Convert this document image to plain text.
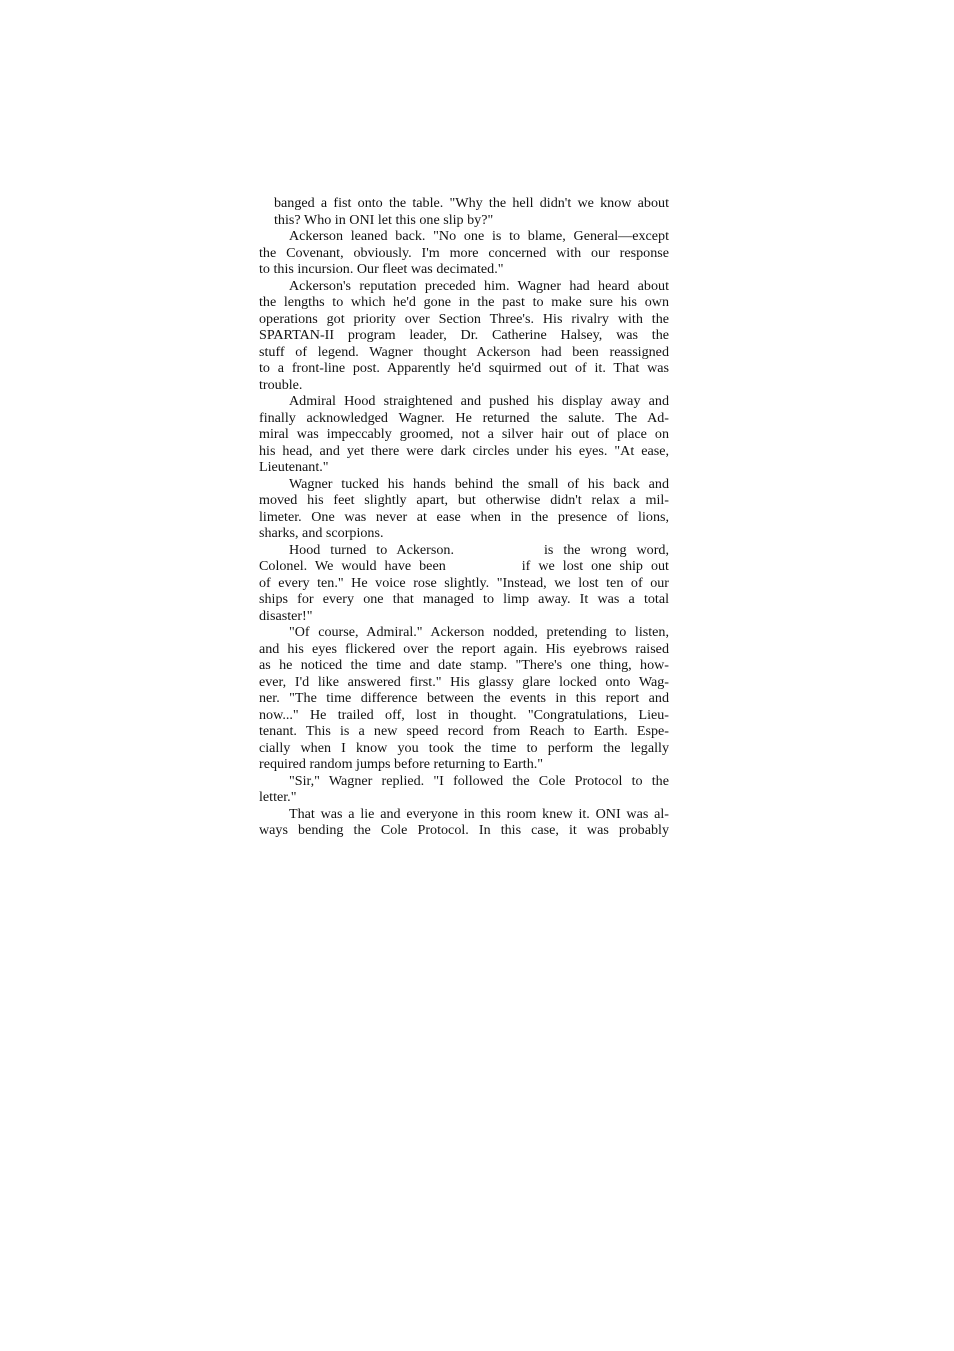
banged a fist onto the table. "Why the hell didn't we know about
this? Who in ONI let this one slip by?"

Ackerson leaned back. "No one is to blame, General—except
the Covenant, obviously. I'm more concerned with our response
to this incursion. Our fleet was decimated."

Ackerson's reputation preceded him. Wagner had heard about
the lengths to which he'd gone in the past to make sure his own
operations got priority over Section Three's. His rivalry with the
SPARTAN-II program leader, Dr. Catherine Halsey, was the
stuff of legend. Wagner thought Ackerson had been reassigned
to a front-line post. Apparently he'd squirmed out of it. That was
trouble.

Admiral Hood straightened and pushed his display away and
finally acknowledged Wagner. He returned the salute. The Ad-
miral was impeccably groomed, not a silver hair out of place on
his head, and yet there were dark circles under his eyes. "At ease,
Lieutenant."

Wagner tucked his hands behind the small of his back and
moved his feet slightly apart, but otherwise didn't relax a mil-
limeter. One was never at ease when in the presence of lions,
sharks, and scorpions.

Hood turned to Ackerson.	is the wrong word,
Colonel. We would have been	if we lost one ship out
of every ten." He voice rose slightly. "Instead, we lost ten of our
ships for every one that managed to limp away. It was a total
disaster!"

"Of course, Admiral." Ackerson nodded, pretending to listen,
and his eyes flickered over the report again. His eyebrows raised
as he noticed the time and date stamp. "There's one thing, how-
ever, I'd like answered first." His glassy glare locked onto Wag-
ner. "The time difference between the events in this report and
now..." He trailed off, lost in thought. "Congratulations, Lieu-
tenant. This is a new speed record from Reach to Earth. Espe-
cially when I know you took the time to perform the legally
required random jumps before returning to Earth."

"Sir," Wagner replied. "I followed the Cole Protocol to the
letter."

That was a lie and everyone in this room knew it. ONI was al-
ways bending the Cole Protocol. In this case, it was probably
